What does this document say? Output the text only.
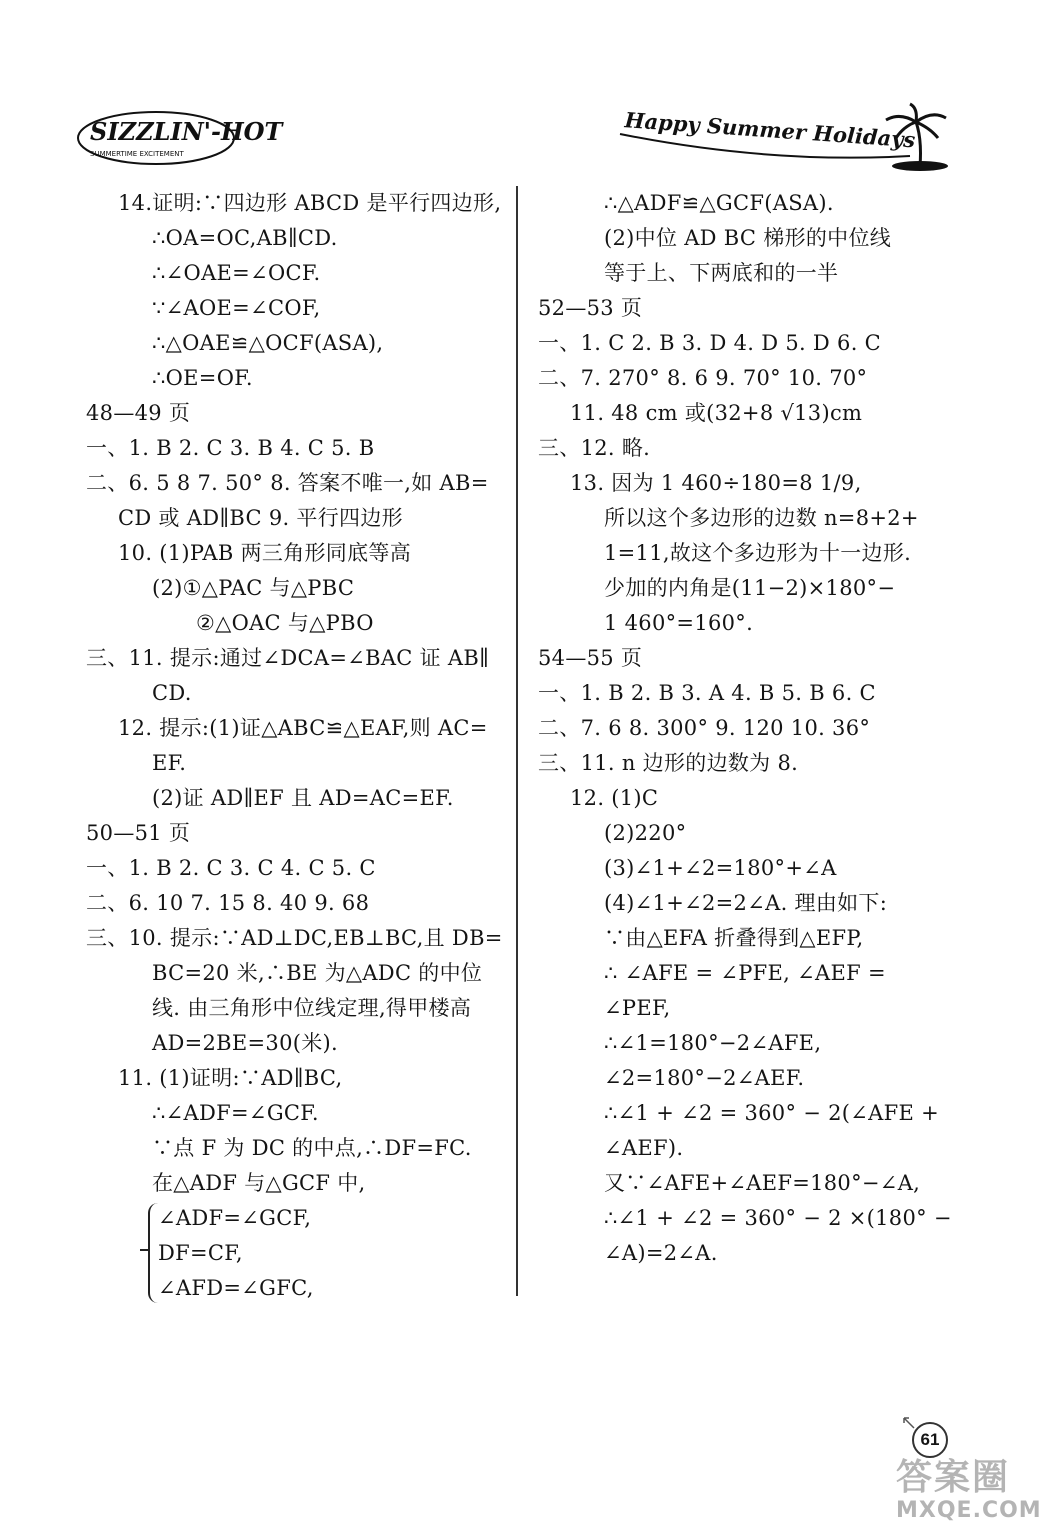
SIZZLIN'-HOT
SUMMERTIME EXCITEMENT
Happy Summer Holidays
14.证明:∵四边形 ABCD 是平行四边形,
∴OA=OC,AB∥CD.
∴∠OAE=∠OCF.
∵∠AOE=∠COF,
∴△OAE≌△OCF(ASA),
∴OE=OF.
48—49 页
一、1. B 2. C 3. B 4. C 5. B
二、6. 5 8 7. 50° 8. 答案不唯一,如 AB=
CD 或 AD∥BC 9. 平行四边形
10. (1)PAB 两三角形同底等高
(2)①△PAC 与△PBC
②△OAC 与△PBO
三、11. 提示:通过∠DCA=∠BAC 证 AB∥
CD.
12. 提示:(1)证△ABC≌△EAF,则 AC=
EF.
(2)证 AD∥EF 且 AD=AC=EF.
50—51 页
一、1. B 2. C 3. C 4. C 5. C
二、6. 10 7. 15 8. 40 9. 68
三、10. 提示:∵AD⊥DC,EB⊥BC,且 DB=
BC=20 米,∴BE 为△ADC 的中位
线. 由三角形中位线定理,得甲楼高
AD=2BE=30(米).
11. (1)证明:∵AD∥BC,
∴∠ADF=∠GCF.
∵点 F 为 DC 的中点,∴DF=FC.
在△ADF 与△GCF 中,
∠ADF=∠GCF,
DF=CF,
∠AFD=∠GFC,
∴△ADF≌△GCF(ASA).
(2)中位 AD BC 梯形的中位线
等于上、下两底和的一半
52—53 页
一、1. C 2. B 3. D 4. D 5. D 6. C
二、7. 270° 8. 6 9. 70° 10. 70°
11. 48 cm 或(32+8 √13)cm
三、12. 略.
13. 因为 1 460÷180=8 1/9,
所以这个多边形的边数 n=8+2+
1=11,故这个多边形为十一边形.
少加的内角是(11−2)×180°−
1 460°=160°.
54—55 页
一、1. B 2. B 3. A 4. B 5. B 6. C
二、7. 6 8. 300° 9. 120 10. 36°
三、11. n 边形的边数为 8.
12. (1)C
(2)220°
(3)∠1+∠2=180°+∠A
(4)∠1+∠2=2∠A. 理由如下:
∵由△EFA 折叠得到△EFP,
∴ ∠AFE = ∠PFE, ∠AEF =
∠PEF,
∴∠1=180°−2∠AFE,
∠2=180°−2∠AEF.
∴∠1 + ∠2 = 360° − 2(∠AFE +
∠AEF).
又∵∠AFE+∠AEF=180°−∠A,
∴∠1 + ∠2 = 360° − 2 ×(180° −
∠A)=2∠A.
61
答案圈
MXQE.COM
